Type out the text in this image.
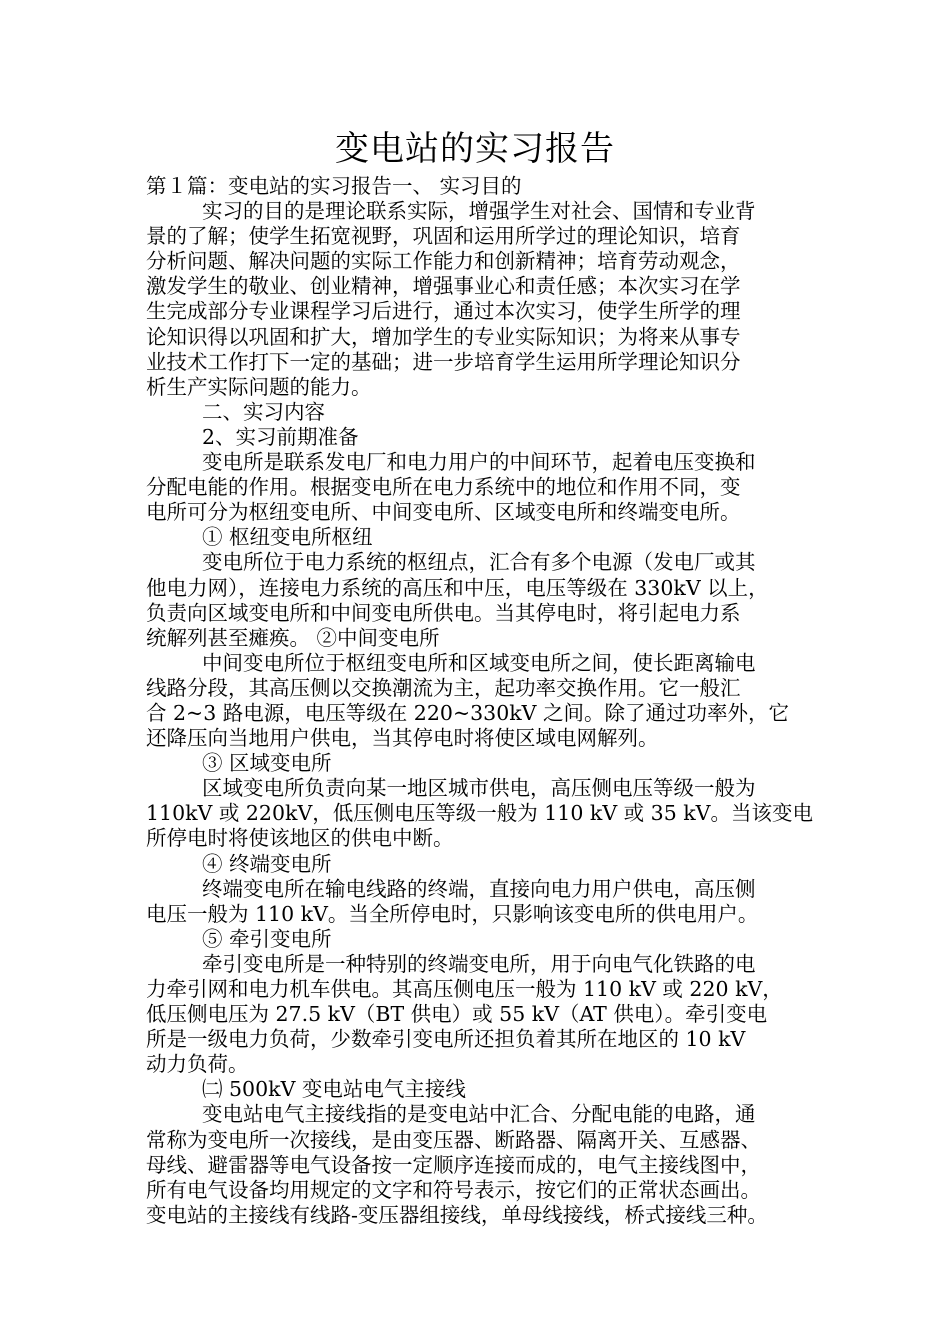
变电站的实习报告
第１篇：变电站的实习报告一、 实习目的
实习的目的是理论联系实际，增强学生对社会、国情和专业背
景的了解；使学生拓宽视野，巩固和运用所学过的理论知识，培育
分析问题、解决问题的实际工作能力和创新精神；培育劳动观念，
激发学生的敬业、创业精神，增强事业心和责任感；本次实习在学
生完成部分专业课程学习后进行，通过本次实习，使学生所学的理
论知识得以巩固和扩大，增加学生的专业实际知识；为将来从事专
业技术工作打下一定的基础；进一步培育学生运用所学理论知识分
析生产实际问题的能力。
二、实习内容
2、实习前期准备
变电所是联系发电厂和电力用户的中间环节，起着电压变换和
分配电能的作用。根据变电所在电力系统中的地位和作用不同，变
电所可分为枢纽变电所、中间变电所、区域变电所和终端变电所。
① 枢纽变电所枢纽
变电所位于电力系统的枢纽点，汇合有多个电源（发电厂或其
他电力网），连接电力系统的高压和中压，电压等级在 330kV 以上，
负责向区域变电所和中间变电所供电。当其停电时，将引起电力系
统解列甚至瘫痪。 ②中间变电所
中间变电所位于枢纽变电所和区域变电所之间，使长距离输电
线路分段，其高压侧以交换潮流为主，起功率交换作用。它一般汇
合 2~3 路电源，电压等级在 220~330kV 之间。除了通过功率外，它
还降压向当地用户供电，当其停电时将使区域电网解列。
③ 区域变电所
区域变电所负责向某一地区城市供电，高压侧电压等级一般为
110kV 或 220kV，低压侧电压等级一般为 110 kV 或 35 kV。当该变电
所停电时将使该地区的供电中断。
④ 终端变电所
终端变电所在输电线路的终端，直接向电力用户供电，高压侧
电压一般为 110 kV。当全所停电时，只影响该变电所的供电用户。
⑤ 牵引变电所
牵引变电所是一种特别的终端变电所，用于向电气化铁路的电
力牵引网和电力机车供电。其高压侧电压一般为 110 kV 或 220 kV，
低压侧电压为 27.5 kV（BT 供电）或 55 kV（AT 供电）。牵引变电
所是一级电力负荷，少数牵引变电所还担负着其所在地区的 10 kV
动力负荷。
㈡ 500kV 变电站电气主接线
变电站电气主接线指的是变电站中汇合、分配电能的电路，通
常称为变电所一次接线，是由变压器、断路器、隔离开关、互感器、
母线、避雷器等电气设备按一定顺序连接而成的，电气主接线图中，
所有电气设备均用规定的文字和符号表示，按它们的正常状态画出。
变电站的主接线有线路-变压器组接线，单母线接线，桥式接线三种。
